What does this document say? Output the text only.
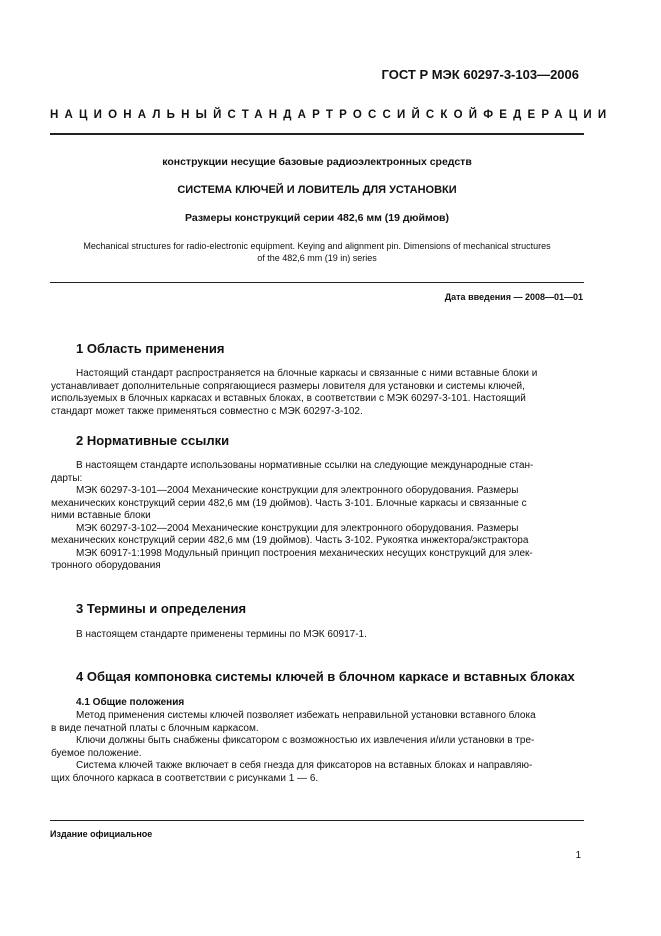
ГОСТ Р МЭК 60297-3-103—2006
НАЦИОНАЛЬНЫЙ СТАНДАРТ РОССИЙСКОЙ ФЕДЕРАЦИИ
конструкции несущие базовые радиоэлектронных средств
СИСТЕМА КЛЮЧЕЙ И ЛОВИТЕЛЬ ДЛЯ УСТАНОВКИ
Размеры конструкций серии 482,6 мм (19 дюймов)
Mechanical structures for radio-electronic equipment. Keying and alignment pin. Dimensions of mechanical structures
of the 482,6 mm (19 in) series
Дата введения — 2008—01—01
1 Область применения

Настоящий стандарт распространяется на блочные каркасы и связанные с ними вставные блоки и

устанавливает дополнительные сопрягающиеся размеры ловителя для установки и системы ключей,

используемых в блочных каркасах и вставных блоках, в соответствии с МЭК 60297-3-101. Настоящий

стандарт может также применяться совместно с МЭК 60297-3-102.

2 Нормативные ссылки

В настоящем стандарте использованы нормативные ссылки на следующие международные стан-

дарты:

МЭК 60297-3-101—2004 Механические конструкции для электронного оборудования. Размеры

механических конструкций серии 482,6 мм (19 дюймов). Часть 3-101. Блочные каркасы и связанные с

ними вставные блоки

МЭК 60297-3-102—2004 Механические конструкции для электронного оборудования. Размеры

механических конструкций серии 482,6 мм (19 дюймов). Часть 3-102. Рукоятка инжектора/экстрактора

МЭК 60917-1:1998 Модульный принцип построения механических несущих конструкций для элек-

тронного оборудования

3 Термины и определения

В настоящем стандарте применены термины по МЭК 60917-1.

4 Общая компоновка системы ключей в блочном каркасе и вставных блоках
4.1 Общие положения

Метод применения системы ключей позволяет избежать неправильной установки вставного блока

в виде печатной платы с блочным каркасом.

Ключи должны быть снабжены фиксатором с возможностью их извлечения и/или установки в тре-

буемое положение.

Система ключей также включает в себя гнезда для фиксаторов на вставных блоках и направляю-

щих блочного каркаса в соответствии с рисунками 1 — 6.

Издание официальное
1
